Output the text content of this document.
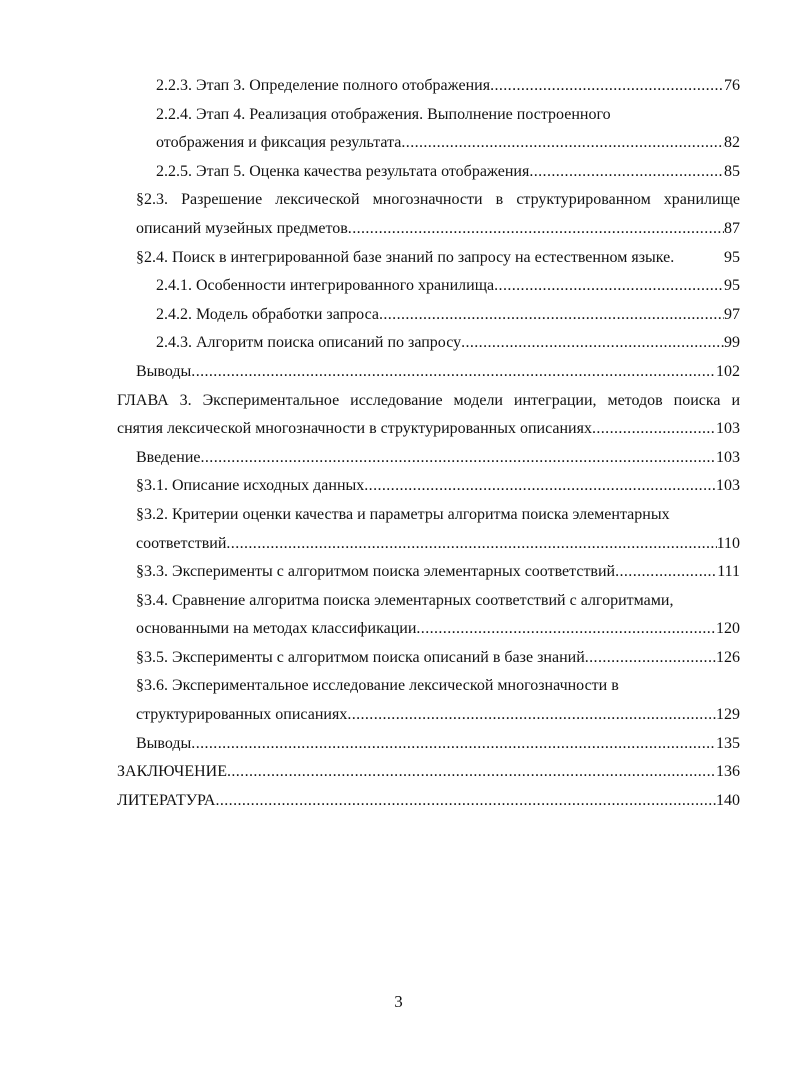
2.2.3. Этап 3. Определение полного отображения .....	76
2.2.4. Этап 4. Реализация отображения. Выполнение построенного
отображения и фиксация результата .....	82
2.2.5. Этап 5. Оценка качества результата отображения .....	85
§2.3. Разрешение лексической многозначности в структурированном хранилище
описаний музейных предметов .....	87
§2.4. Поиск в интегрированной базе знаний по запросу на естественном языке.	95
2.4.1. Особенности интегрированного хранилища .....	95
2.4.2. Модель обработки запроса .....	97
2.4.3. Алгоритм поиска описаний по запросу .....	99
Выводы .....	102
ГЛАВА 3. Экспериментальное исследование модели интеграции, методов поиска и
снятия лексической многозначности в структурированных описаниях .....	103
Введение .....	103
§3.1. Описание исходных данных .....	103
§3.2. Критерии оценки качества и параметры алгоритма поиска элементарных
соответствий .....	110
§3.3. Эксперименты с алгоритмом поиска элементарных соответствий .....	111
§3.4. Сравнение алгоритма поиска элементарных соответствий с алгоритмами,
основанными на методах классификации .....	120
§3.5. Эксперименты с алгоритмом поиска описаний в базе знаний .....	126
§3.6. Экспериментальное исследование лексической многозначности в
структурированных описаниях .....	129
Выводы .....	135
ЗАКЛЮЧЕНИЕ .....	136
ЛИТЕРАТУРА .....	140
3
